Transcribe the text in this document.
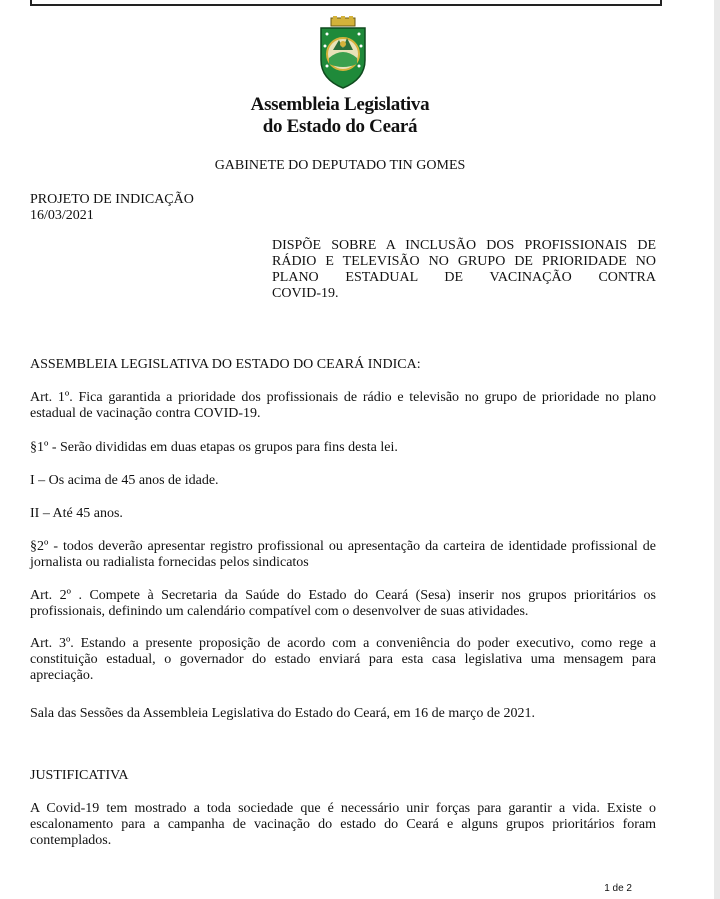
Assembleia Legislativa
do Estado do Ceará
GABINETE DO DEPUTADO TIN GOMES
PROJETO DE INDICAÇÃO
16/03/2021
DISPÕE SOBRE A INCLUSÃO DOS PROFISSIONAIS DE
RÁDIO E TELEVISÃO NO GRUPO DE PRIORIDADE NO
PLANO ESTADUAL DE VACINAÇÃO CONTRA
COVID-19.
ASSEMBLEIA LEGISLATIVA DO ESTADO DO CEARÁ INDICA:
Art. 1º. Fica garantida a prioridade dos profissionais de rádio e televisão no grupo de prioridade no plano estadual de vacinação contra COVID-19.
§1º - Serão divididas em duas etapas os grupos para fins desta lei.
I – Os acima de 45 anos de idade.
II – Até 45 anos.
§2º - todos deverão apresentar registro profissional ou apresentação da carteira de identidade profissional de jornalista ou radialista fornecidas pelos sindicatos
Art. 2º . Compete à Secretaria da Saúde do Estado do Ceará (Sesa) inserir nos grupos prioritários os profissionais, definindo um calendário compatível com o desenvolver de suas atividades.
Art. 3º. Estando a presente proposição de acordo com a conveniência do poder executivo, como rege a constituição estadual, o governador do estado enviará para esta casa legislativa uma mensagem para apreciação.
Sala das Sessões da Assembleia Legislativa do Estado do Ceará, em 16 de março de 2021.
JUSTIFICATIVA
A Covid-19 tem mostrado a toda sociedade que é necessário unir forças para garantir a vida. Existe o escalonamento para a campanha de vacinação do estado do Ceará e alguns grupos prioritários foram contemplados.
1 de 2
